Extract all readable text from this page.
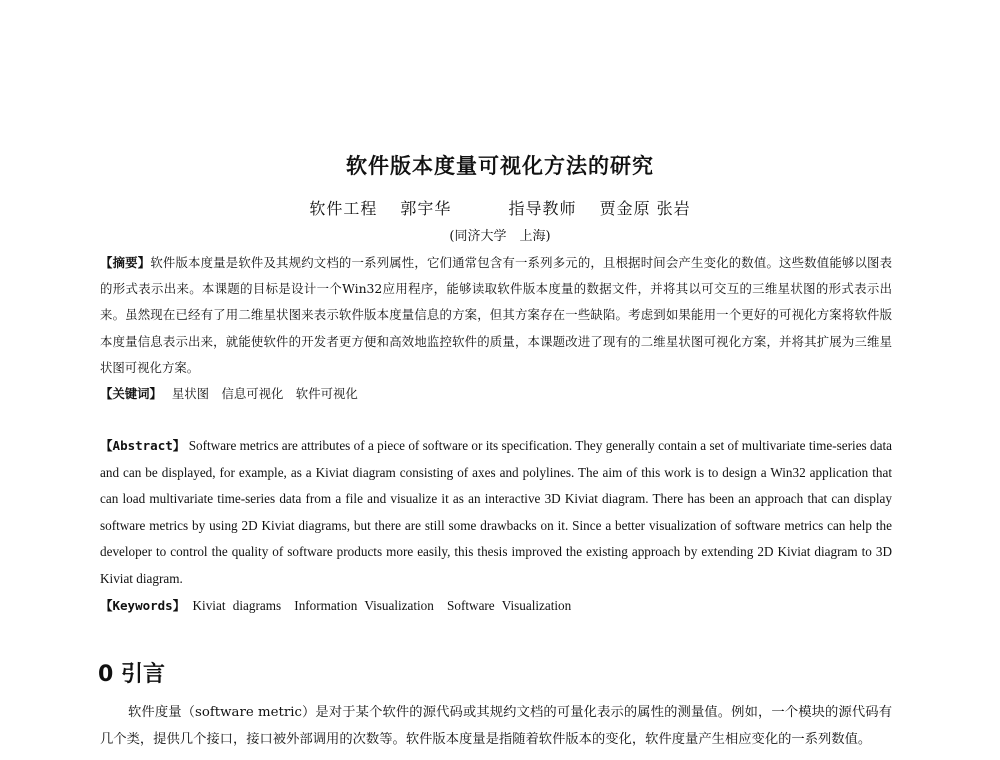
软件版本度量可视化方法的研究
软件工程　 郭宇华　　　 指导教师　 贾金原 张岩
(同济大学　上海)
【摘要】软件版本度量是软件及其规约文档的一系列属性，它们通常包含有一系列多元的，且根据时间会产生变化的数值。这些数值能够以图表的形式表示出来。本课题的目标是设计一个Win32应用程序，能够读取软件版本度量的数据文件，并将其以可交互的三维星状图的形式表示出来。虽然现在已经有了用二维星状图来表示软件版本度量信息的方案，但其方案存在一些缺陷。考虑到如果能用一个更好的可视化方案将软件版本度量信息表示出来，就能使软件的开发者更方便和高效地监控软件的质量，本课题改进了现有的二维星状图可视化方案，并将其扩展为三维星状图可视化方案。
【关键词】 星状图　信息可视化　软件可视化
【Abstract】 Software metrics are attributes of a piece of software or its specification. They generally contain a set of multivariate time-series data and can be displayed, for example, as a Kiviat diagram consisting of axes and polylines. The aim of this work is to design a Win32 application that can load multivariate time-series data from a file and visualize it as an interactive 3D Kiviat diagram. There has been an approach that can display software metrics by using 2D Kiviat diagrams, but there are still some drawbacks on it. Since a better visualization of software metrics can help the developer to control the quality of software products more easily, this thesis improved the existing approach by extending 2D Kiviat diagram to 3D Kiviat diagram.
【Keywords】 Kiviat diagrams　Information Visualization　Software Visualization
0 引言
软件度量（software metric）是对于某个软件的源代码或其规约文档的可量化表示的属性的测量值。例如，一个模块的源代码有几个类，提供几个接口，接口被外部调用的次数等。软件版本度量是指随着软件版本的变化，软件度量产生相应变化的一系列数值。
